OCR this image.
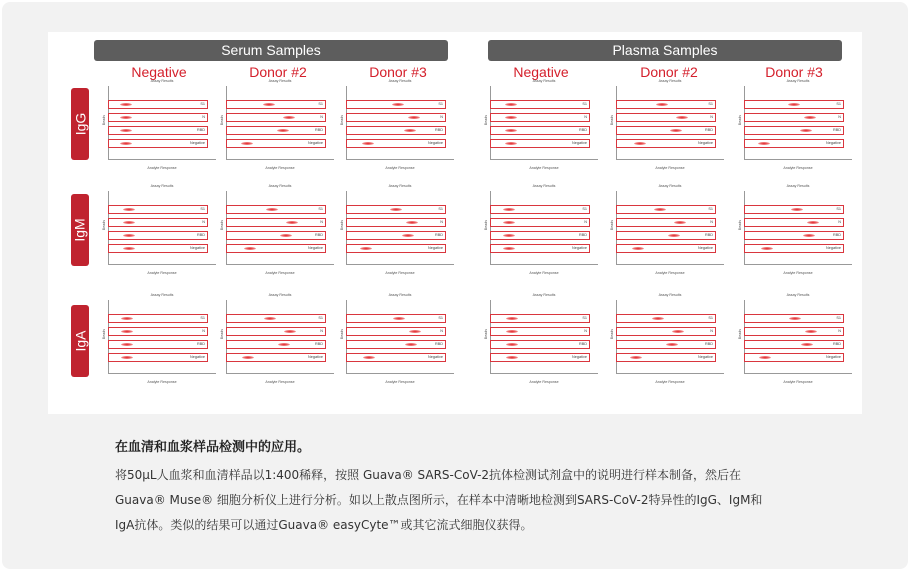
Serum Samples	Plasma Samples
Negative	Donor #2	Donor #3	Negative	Donor #2	Donor #3
IgG
IgM
IgA
Assay Results
Beads
Analyte Response
S1
N
RBD
Negative
Assay Results
Beads
Analyte Response
S1
N
RBD
Negative
Assay Results
Beads
Analyte Response
S1
N
RBD
Negative
Assay Results
Beads
Analyte Response
S1
N
RBD
Negative
Assay Results
Beads
Analyte Response
S1
N
RBD
Negative
Assay Results
Beads
Analyte Response
S1
N
RBD
Negative
Assay Results
Beads
Analyte Response
S1
N
RBD
Negative
Assay Results
Beads
Analyte Response
S1
N
RBD
Negative
Assay Results
Beads
Analyte Response
S1
N
RBD
Negative
Assay Results
Beads
Analyte Response
S1
N
RBD
Negative
Assay Results
Beads
Analyte Response
S1
N
RBD
Negative
Assay Results
Beads
Analyte Response
S1
N
RBD
Negative
Assay Results
Beads
Analyte Response
S1
N
RBD
Negative
Assay Results
Beads
Analyte Response
S1
N
RBD
Negative
Assay Results
Beads
Analyte Response
S1
N
RBD
Negative
Assay Results
Beads
Analyte Response
S1
N
RBD
Negative
Assay Results
Beads
Analyte Response
S1
N
RBD
Negative
Assay Results
Beads
Analyte Response
S1
N
RBD
Negative
在血清和血浆样品检测中的应用。

将50µL人血浆和血清样品以1:400稀释，按照 Guava® SARS-CoV-2抗体检测试剂盒中的说明进行样本制备，然后在
Guava® Muse® 细胞分析仪上进行分析。如以上散点图所示，在样本中清晰地检测到SARS-CoV-2特异性的IgG、IgM和
IgA抗体。类似的结果可以通过Guava® easyCyte™或其它流式细胞仪获得。
